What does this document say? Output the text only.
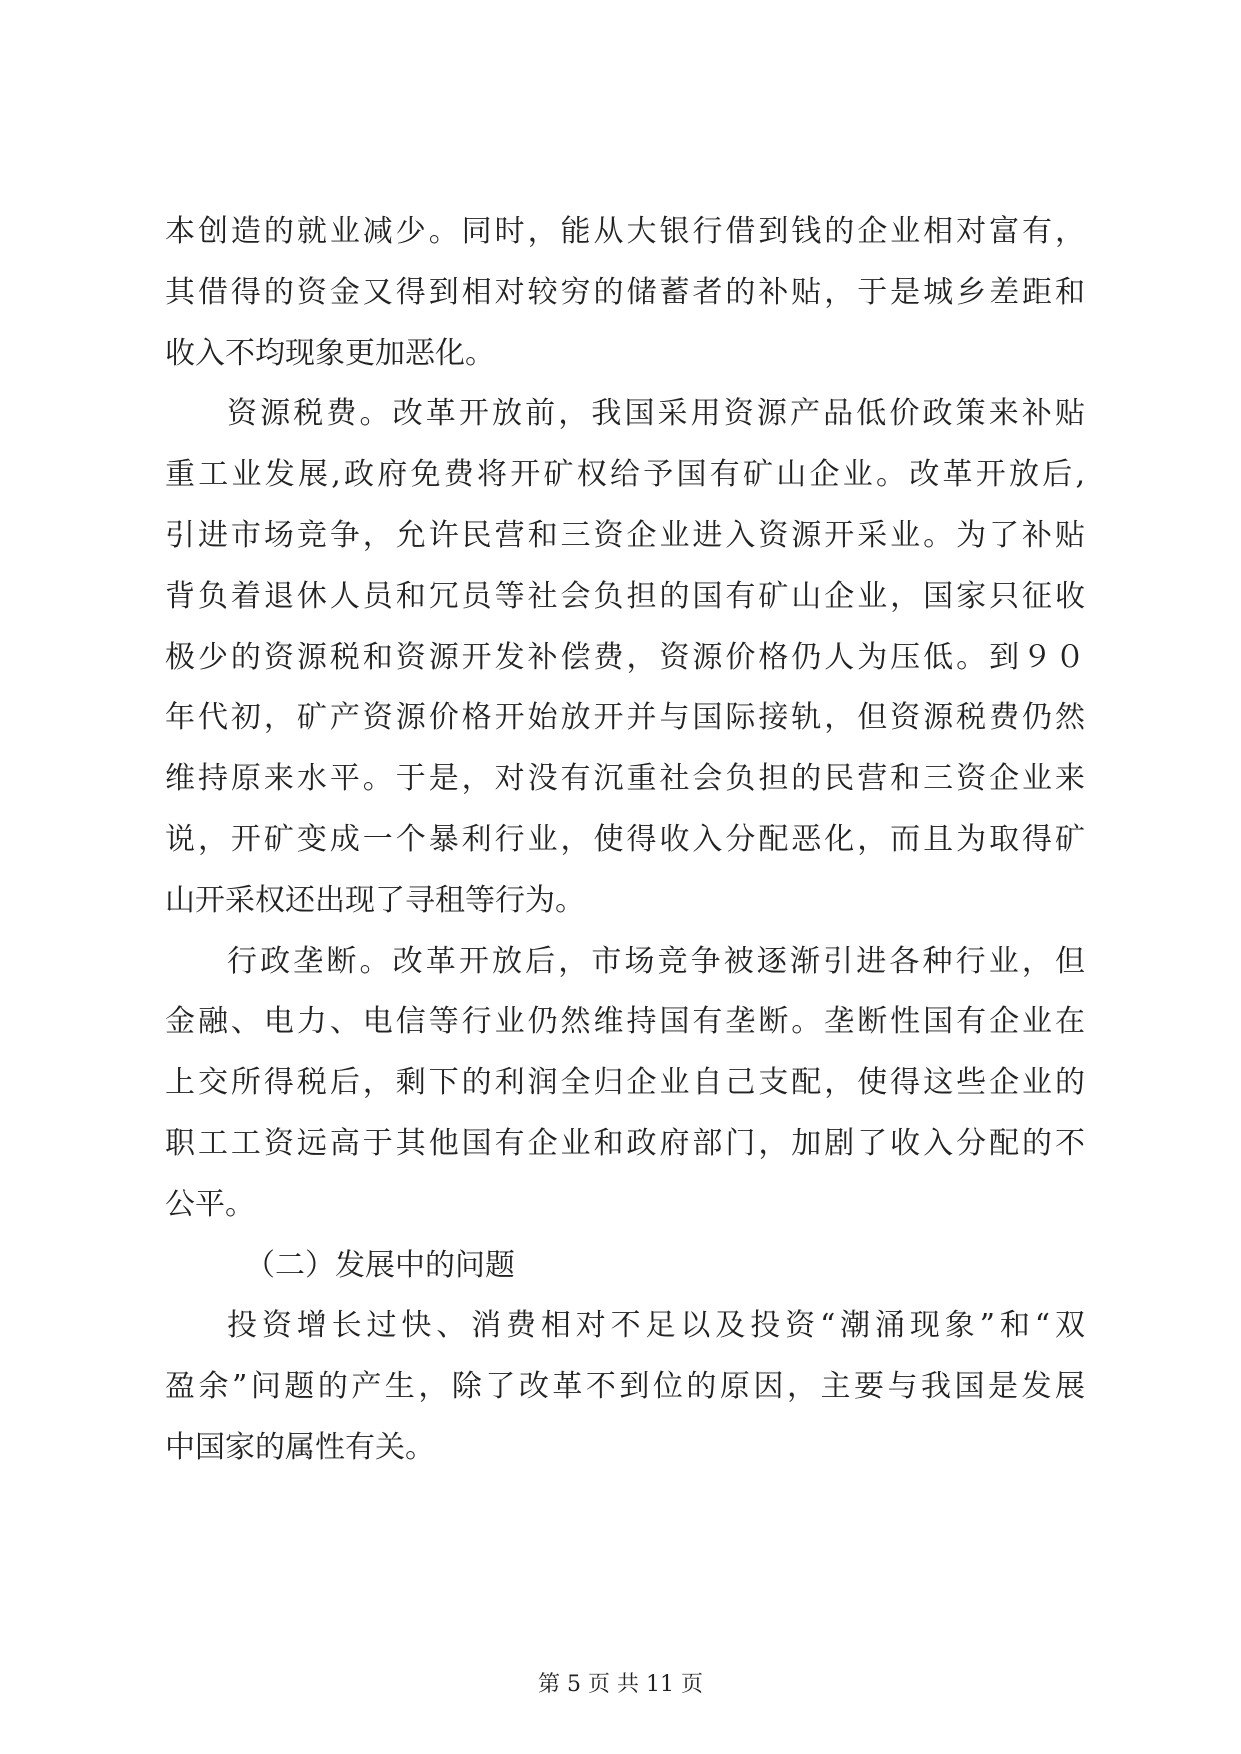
本创造的就业减少。同时，能从大银行借到钱的企业相对富有，
其借得的资金又得到相对较穷的储蓄者的补贴，于是城乡差距和
收入不均现象更加恶化。
资源税费。改革开放前，我国采用资源产品低价政策来补贴
重工业发展,政府免费将开矿权给予国有矿山企业。改革开放后,
引进市场竞争，允许民营和三资企业进入资源开采业。为了补贴
背负着退休人员和冗员等社会负担的国有矿山企业，国家只征收
极少的资源税和资源开发补偿费，资源价格仍人为压低。到９０
年代初，矿产资源价格开始放开并与国际接轨，但资源税费仍然
维持原来水平。于是，对没有沉重社会负担的民营和三资企业来
说，开矿变成一个暴利行业，使得收入分配恶化，而且为取得矿
山开采权还出现了寻租等行为。
行政垄断。改革开放后，市场竞争被逐渐引进各种行业，但
金融、电力、电信等行业仍然维持国有垄断。垄断性国有企业在
上交所得税后，剩下的利润全归企业自己支配，使得这些企业的
职工工资远高于其他国有企业和政府部门，加剧了收入分配的不
公平。
（二）发展中的问题
投资增长过快、消费相对不足以及投资“潮涌现象”和“双
盈余”问题的产生，除了改革不到位的原因，主要与我国是发展
中国家的属性有关。
第 5 页 共 11 页
